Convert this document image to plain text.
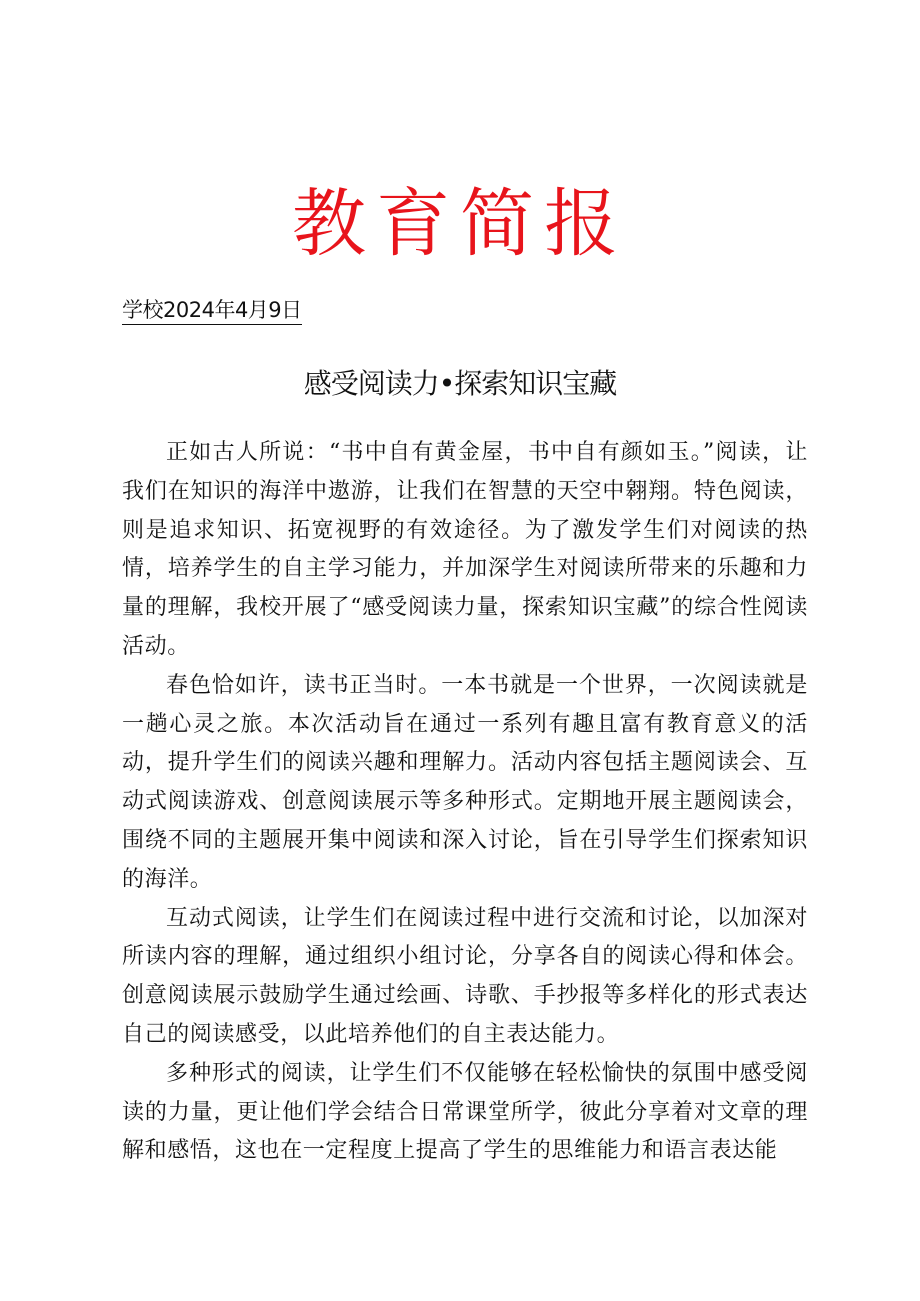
教育简报
学校2024年4月9日
感受阅读力•探索知识宝藏

正如古人所说：“书中自有黄金屋，书中自有颜如玉。”阅读，让我们在知识的海洋中遨游，让我们在智慧的天空中翱翔。特色阅读，则是追求知识、拓宽视野的有效途径。为了激发学生们对阅读的热情，培养学生的自主学习能力，并加深学生对阅读所带来的乐趣和力量的理解，我校开展了“感受阅读力量，探索知识宝藏”的综合性阅读活动。

春色恰如许，读书正当时。一本书就是一个世界，一次阅读就是一趟心灵之旅。本次活动旨在通过一系列有趣且富有教育意义的活动，提升学生们的阅读兴趣和理解力。活动内容包括主题阅读会、互动式阅读游戏、创意阅读展示等多种形式。定期地开展主题阅读会，围绕不同的主题展开集中阅读和深入讨论，旨在引导学生们探索知识的海洋。

互动式阅读，让学生们在阅读过程中进行交流和讨论，以加深对所读内容的理解，通过组织小组讨论，分享各自的阅读心得和体会。创意阅读展示鼓励学生通过绘画、诗歌、手抄报等多样化的形式表达自己的阅读感受，以此培养他们的自主表达能力。

多种形式的阅读，让学生们不仅能够在轻松愉快的氛围中感受阅读的力量，更让他们学会结合日常课堂所学，彼此分享着对文章的理解和感悟，这也在一定程度上提高了学生的思维能力和语言表达能
